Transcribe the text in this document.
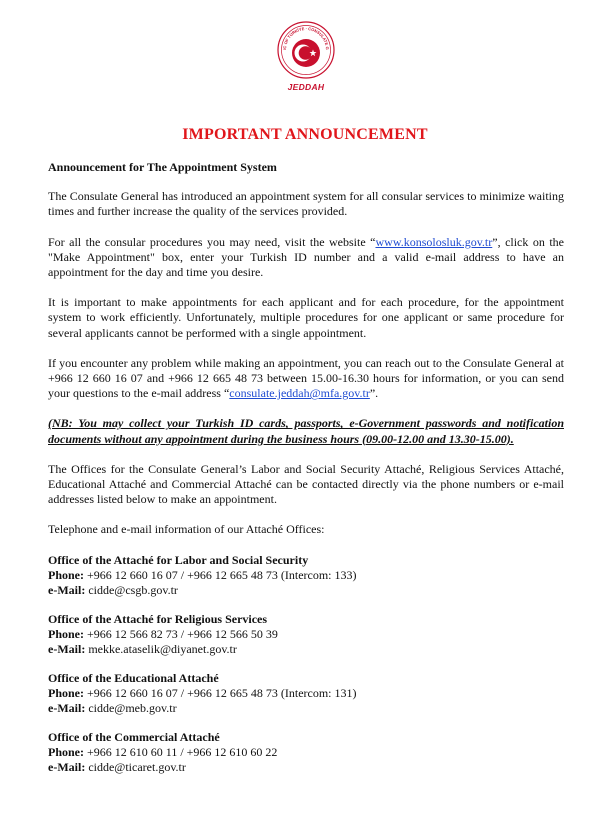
IC OF TÜRKİYE · CONSULATE G
JEDDAH
IMPORTANT ANNOUNCEMENT

Announcement for The Appointment System

The Consulate General has introduced an appointment system for all consular services to minimize waiting times and further increase the quality of the services provided.

For all the consular procedures you may need, visit the website “www.konsolosluk.gov.tr”, click on the "Make Appointment" box, enter your Turkish ID number and a valid e-mail address to have an appointment for the day and time you desire.

It is important to make appointments for each applicant and for each procedure, for the appointment system to work efficiently. Unfortunately, multiple procedures for one applicant or same procedure for several applicants cannot be performed with a single appointment.

If you encounter any problem while making an appointment, you can reach out to the Consulate General at +966 12 660 16 07 and +966 12 665 48 73 between 15.00-16.30 hours for information, or you can send your questions to the e-mail address “consulate.jeddah@mfa.gov.tr”.

(NB: You may collect your Turkish ID cards, passports, e-Government passwords and notification documents without any appointment during the business hours (09.00-12.00 and 13.30-15.00).

The Offices for the Consulate General’s Labor and Social Security Attaché, Religious Services Attaché, Educational Attaché and Commercial Attaché can be contacted directly via the phone numbers or e-mail addresses listed below to make an appointment.

Telephone and e-mail information of our Attaché Offices:

Office of the Attaché for Labor and Social Security
Phone: +966 12 660 16 07 / +966 12 665 48 73 (Intercom: 133)
e-Mail: cidde@csgb.gov.tr
Office of the Attaché for Religious Services
Phone: +966 12 566 82 73 / +966 12 566 50 39
e-Mail: mekke.ataselik@diyanet.gov.tr
Office of the Educational Attaché
Phone: +966 12 660 16 07 / +966 12 665 48 73 (Intercom: 131)
e-Mail: cidde@meb.gov.tr
Office of the Commercial Attaché
Phone: +966 12 610 60 11 / +966 12 610 60 22
e-Mail: cidde@ticaret.gov.tr
